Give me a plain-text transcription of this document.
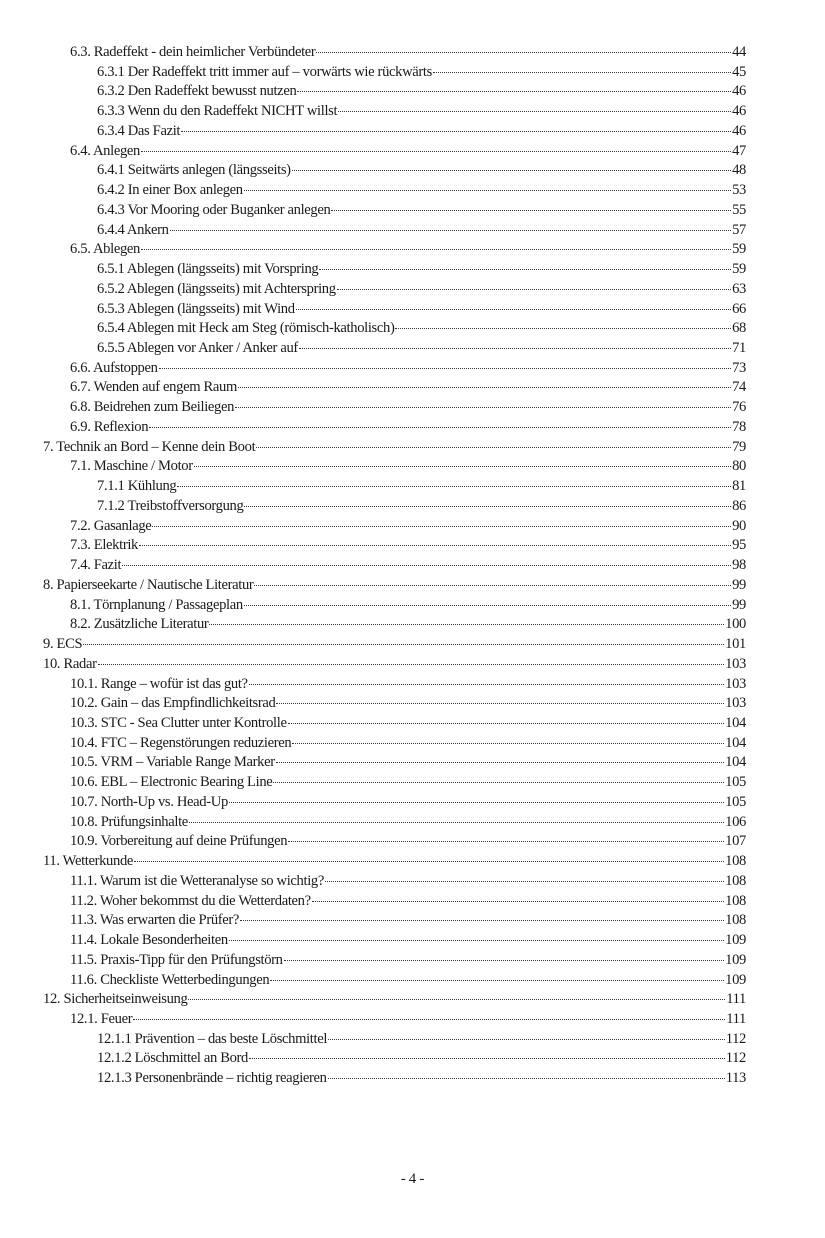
6.3. Radeffekt - dein heimlicher Verbündeter	44
6.3.1 Der Radeffekt tritt immer auf – vorwärts wie rückwärts	45
6.3.2 Den Radeffekt bewusst nutzen	46
6.3.3 Wenn du den Radeffekt NICHT willst	46
6.3.4 Das Fazit	46
6.4. Anlegen	47
6.4.1 Seitwärts anlegen (längsseits)	48
6.4.2 In einer Box anlegen	53
6.4.3 Vor Mooring oder Buganker anlegen	55
6.4.4 Ankern	57
6.5. Ablegen	59
6.5.1 Ablegen (längsseits) mit Vorspring	59
6.5.2 Ablegen (längsseits) mit Achterspring	63
6.5.3 Ablegen (längsseits) mit Wind	66
6.5.4 Ablegen mit Heck am Steg (römisch-katholisch)	68
6.5.5 Ablegen vor Anker / Anker auf	71
6.6. Aufstoppen	73
6.7. Wenden auf engem Raum	74
6.8. Beidrehen zum Beiliegen	76
6.9. Reflexion	78
7. Technik an Bord – Kenne dein Boot	79
7.1. Maschine / Motor	80
7.1.1 Kühlung	81
7.1.2 Treibstoffversorgung	86
7.2. Gasanlage	90
7.3. Elektrik	95
7.4. Fazit	98
8. Papierseekarte / Nautische Literatur	99
8.1. Törnplanung / Passageplan	99
8.2. Zusätzliche Literatur	100
9. ECS	101
10. Radar	103
10.1. Range – wofür ist das gut?	103
10.2. Gain – das Empfindlichkeitsrad	103
10.3. STC - Sea Clutter unter Kontrolle	104
10.4. FTC – Regenstörungen reduzieren	104
10.5. VRM – Variable Range Marker	104
10.6. EBL – Electronic Bearing Line	105
10.7. North-Up vs. Head-Up	105
10.8. Prüfungsinhalte	106
10.9. Vorbereitung auf deine Prüfungen	107
11. Wetterkunde	108
11.1. Warum ist die Wetteranalyse so wichtig?	108
11.2. Woher bekommst du die Wetterdaten?	108
11.3. Was erwarten die Prüfer?	108
11.4. Lokale Besonderheiten	109
11.5. Praxis-Tipp für den Prüfungstörn	109
11.6. Checkliste Wetterbedingungen	109
12. Sicherheitseinweisung	111
12.1. Feuer	111
12.1.1 Prävention – das beste Löschmittel	112
12.1.2 Löschmittel an Bord	112
12.1.3 Personenbrände – richtig reagieren	113
- 4 -
